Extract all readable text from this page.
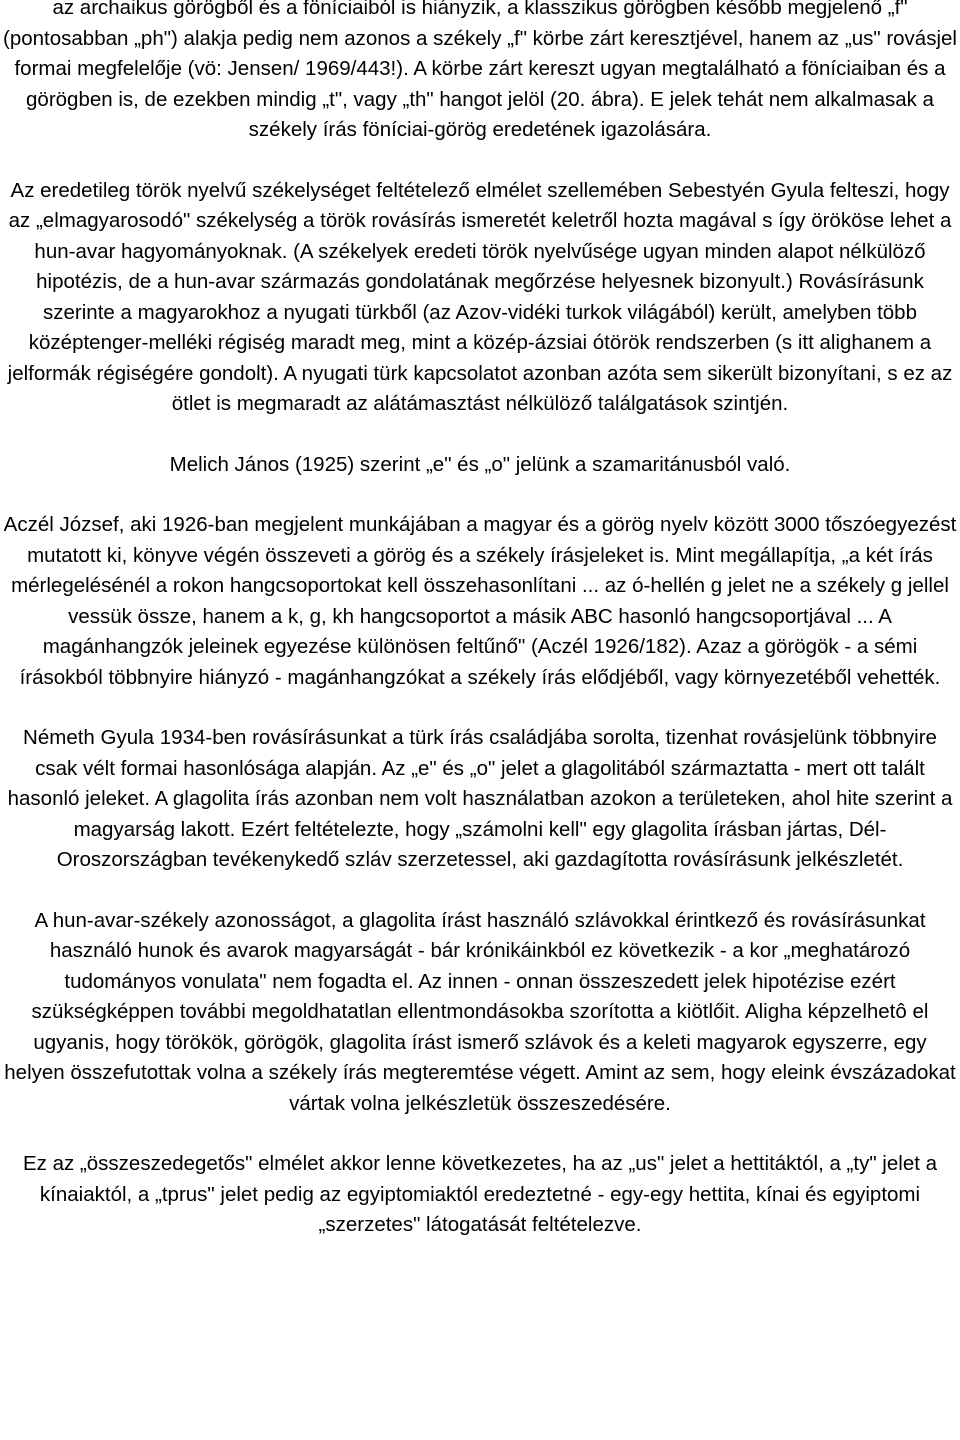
az archaikus görögből és a föníciaiból is hiányzik, a klasszikus görögben később megjelenő „f" (pontosabban „ph") alakja pedig nem azonos a székely „f" körbe zárt keresztjével, hanem az „us" rovásjel formai megfelelője (vö: Jensen/ 1969/443!). A körbe zárt kereszt ugyan megtalálható a föníciaiban és a görögben is, de ezekben mindig „t", vagy „th" hangot jelöl (20. ábra). E jelek tehát nem alkalmasak a székely írás föníciai-görög eredetének igazolására.

Az eredetileg török nyelvű székelységet feltételező elmélet szellemében Sebestyén Gyula felteszi, hogy az „elmagyarosodó" székelység a török rovásírás ismeretét keletről hozta magával s így örököse lehet a hun-avar hagyományoknak. (A székelyek eredeti török nyelvűsége ugyan minden alapot nélkülöző hipotézis, de a hun-avar származás gondolatának megőrzése helyesnek bizonyult.) Rovásírásunk szerinte a magyarokhoz a nyugati türkből (az Azov-vidéki turkok világából) került, amelyben több középtenger-melléki régiség maradt meg, mint a közép-ázsiai ótörök rendszerben (s itt alighanem a jelformák régiségére gondolt). A nyugati türk kapcsolatot azonban azóta sem sikerült bizonyítani, s ez az ötlet is megmaradt az alátámasztást nélkülöző találgatások szintjén.

Melich János (1925) szerint „e" és „o" jelünk a szamaritánusból való.

Aczél József, aki 1926-ban megjelent munkájában a magyar és a görög nyelv között 3000 tőszóegyezést mutatott ki, könyve végén összeveti a görög és a székely írásjeleket is. Mint megállapítja, „a két írás mérlegelésénél a rokon hangcsoportokat kell összehasonlítani ... az ó-hellén g jelet ne a székely g jellel vessük össze, hanem a k, g, kh hangcsoportot a másik ABC hasonló hangcsoportjával ... A magánhangzók jeleinek egyezése különösen feltűnő" (Aczél 1926/182). Azaz a görögök - a sémi írásokból többnyire hiányzó - magánhangzókat a székely írás elődjéből, vagy környezetéből vehették.

Németh Gyula 1934-ben rovásírásunkat a türk írás családjába sorolta, tizenhat rovásjelünk többnyire csak vélt formai hasonlósága alapján. Az „e" és „o" jelet a glagolitából származtatta - mert ott talált hasonló jeleket. A glagolita írás azonban nem volt használatban azokon a területeken, ahol hite szerint a magyarság lakott. Ezért feltételezte, hogy „számolni kell" egy glagolita írásban jártas, Dél-Oroszországban tevékenykedő szláv szerzetessel, aki gazdagította rovásírásunk jelkészletét.

A hun-avar-székely azonosságot, a glagolita írást használó szlávokkal érintkező és rovásírásunkat használó hunok és avarok magyarságát - bár krónikáinkból ez következik - a kor „meghatározó tudományos vonulata" nem fogadta el. Az innen - onnan összeszedett jelek hipotézise ezért szükségképpen további megoldhatatlan ellentmondásokba szorította a kiötlőit. Aligha képzelhetô el ugyanis, hogy törökök, görögök, glagolita írást ismerő szlávok és a keleti magyarok egyszerre, egy helyen összefutottak volna a székely írás megteremtése végett. Amint az sem, hogy eleink évszázadokat vártak volna jelkészletük összeszedésére.

Ez az „összeszedegetős" elmélet akkor lenne következetes, ha az „us" jelet a hettitáktól, a „ty" jelet a kínaiaktól, a „tprus" jelet pedig az egyiptomiaktól eredeztetné - egy-egy hettita, kínai és egyiptomi „szerzetes" látogatását feltételezve.
